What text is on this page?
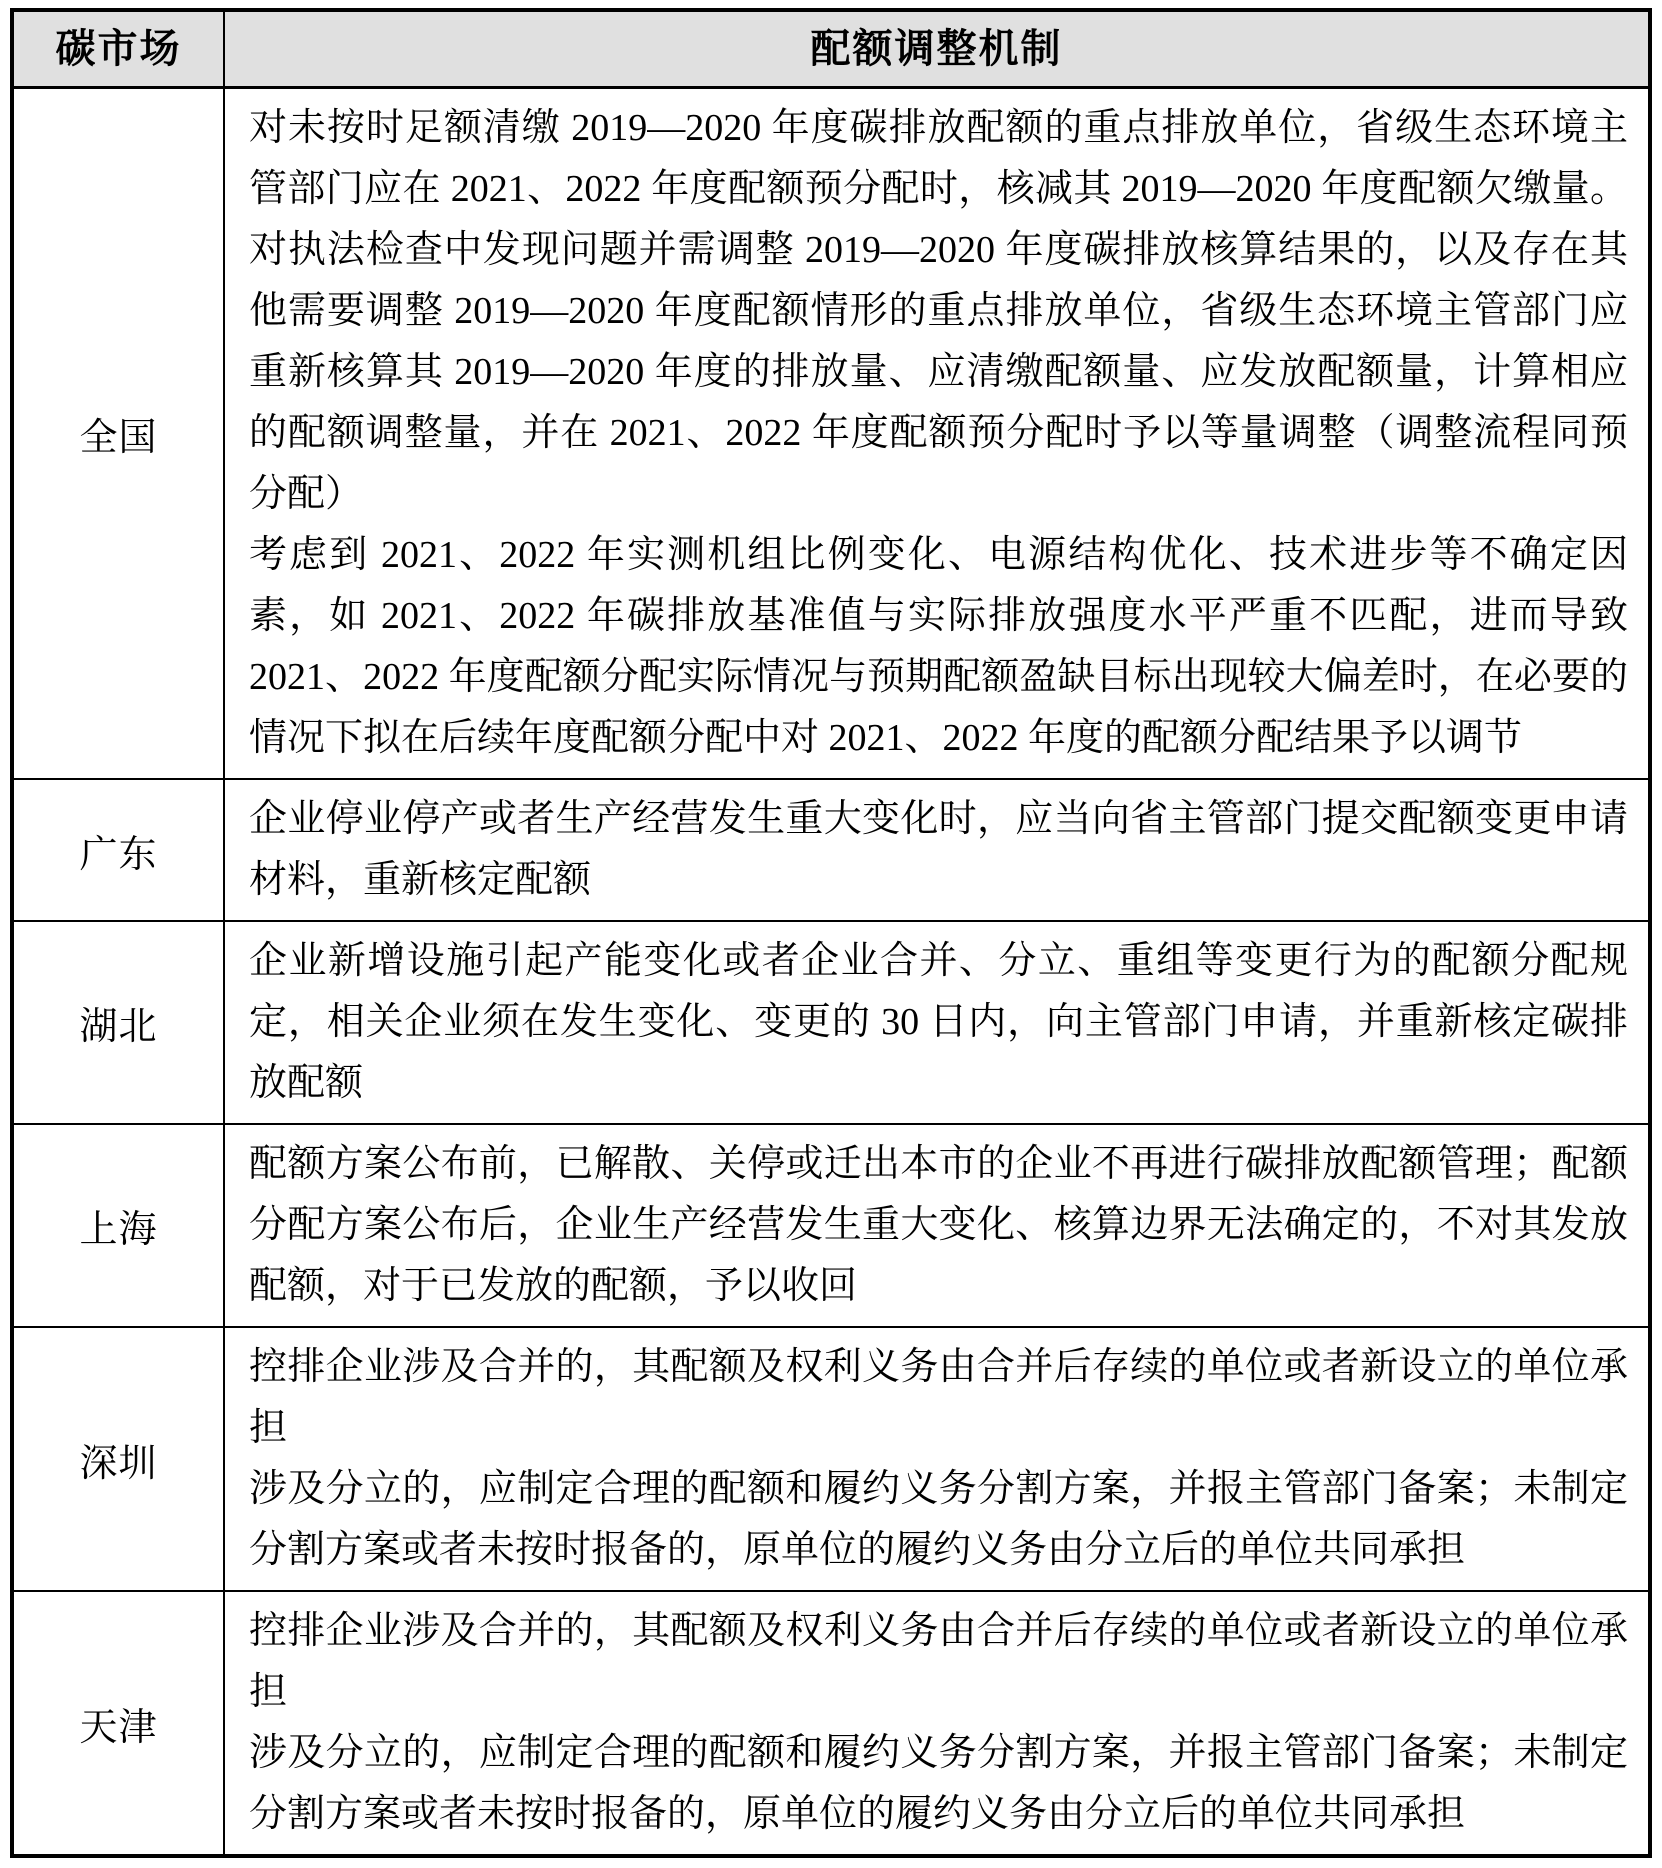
碳市场	配额调整机制
全国	对未按时足额清缴 2019—2020 年度碳排放配额的重点排放单位，省级生态环境主管部门应在 2021、2022 年度配额预分配时，核减其 2019—2020 年度配额欠缴量。对执法检查中发现问题并需调整 2019—2020 年度碳排放核算结果的，以及存在其他需要调整 2019—2020 年度配额情形的重点排放单位，省级生态环境主管部门应重新核算其 2019—2020 年度的排放量、应清缴配额量、应发放配额量，计算相应的配额调整量，并在 2021、2022 年度配额预分配时予以等量调整（调整流程同预分配）

考虑到 2021、2022 年实测机组比例变化、电源结构优化、技术进步等不确定因素，如 2021、2022 年碳排放基准值与实际排放强度水平严重不匹配，进而导致 2021、2022 年度配额分配实际情况与预期配额盈缺目标出现较大偏差时，在必要的情况下拟在后续年度配额分配中对 2021、2022 年度的配额分配结果予以调节

广东	企业停业停产或者生产经营发生重大变化时，应当向省主管部门提交配额变更申请材料，重新核定配额

湖北	企业新增设施引起产能变化或者企业合并、分立、重组等变更行为的配额分配规定，相关企业须在发生变化、变更的 30 日内，向主管部门申请，并重新核定碳排放配额

上海	配额方案公布前，已解散、关停或迁出本市的企业不再进行碳排放配额管理；配额分配方案公布后，企业生产经营发生重大变化、核算边界无法确定的，不对其发放配额，对于已发放的配额，予以收回

深圳	控排企业涉及合并的，其配额及权利义务由合并后存续的单位或者新设立的单位承担

涉及分立的，应制定合理的配额和履约义务分割方案，并报主管部门备案；未制定分割方案或者未按时报备的，原单位的履约义务由分立后的单位共同承担

天津	控排企业涉及合并的，其配额及权利义务由合并后存续的单位或者新设立的单位承担

涉及分立的，应制定合理的配额和履约义务分割方案，并报主管部门备案；未制定分割方案或者未按时报备的，原单位的履约义务由分立后的单位共同承担
